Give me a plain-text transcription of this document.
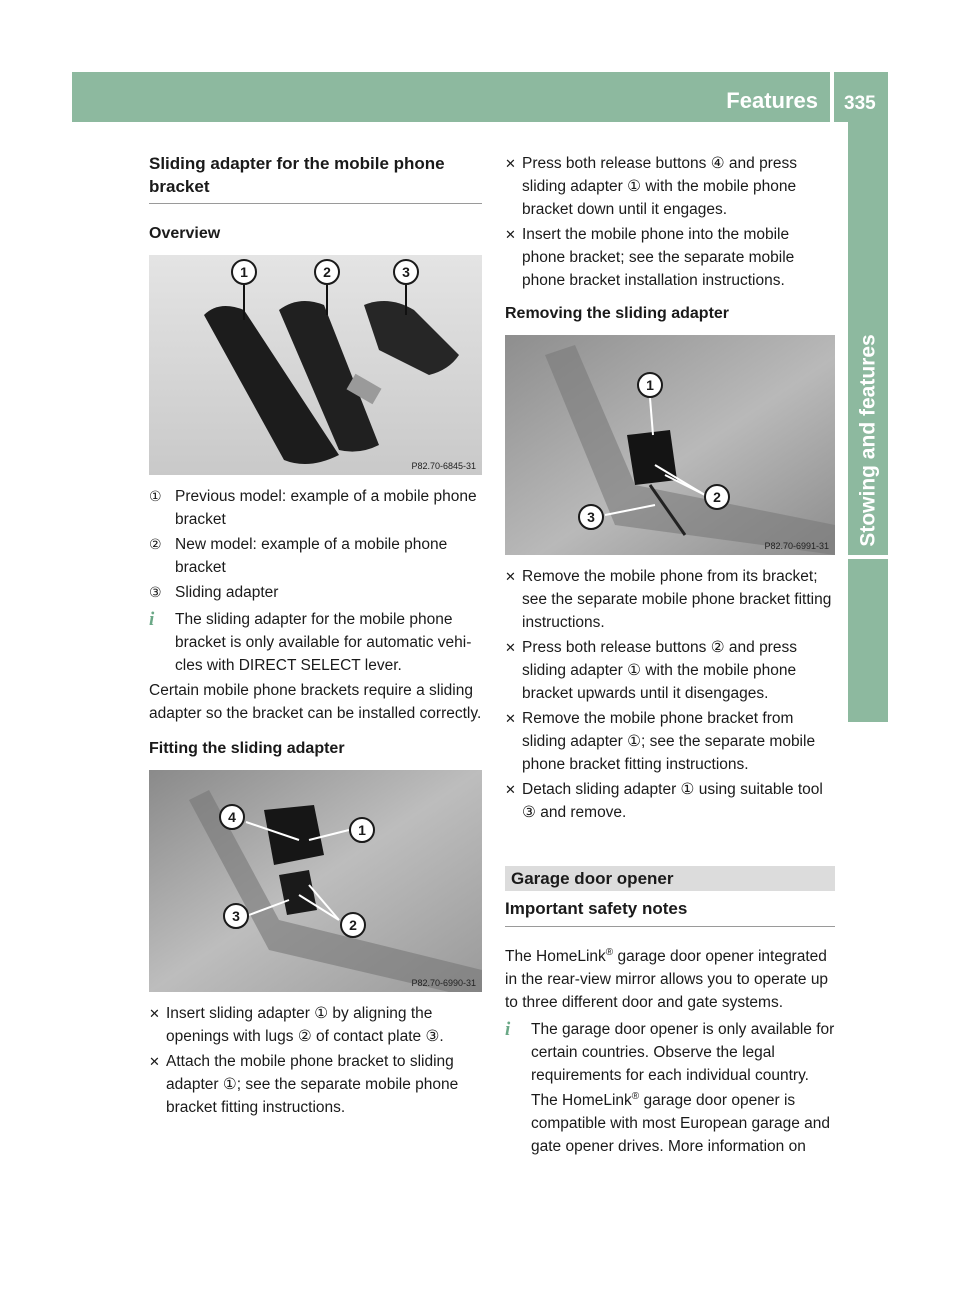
Features 335
Stowing and features
Sliding adapter for the mobile phone bracket
Overview
1	2	3
P82.70-6845-31
① Previous model: example of a mobile phone bracket
② New model: example of a mobile phone bracket
③ Sliding adapter
i	The sliding adapter for the mobile phone bracket is only available for automatic vehicles with DIRECT SELECT lever.
Certain mobile phone brackets require a sliding adapter so the bracket can be installed correctly.
Fitting the sliding adapter
4
1
3
2
P82.70-6990-31
✕ Insert sliding adapter ① by aligning the openings with lugs ② of contact plate ③.
✕ Attach the mobile phone bracket to sliding adapter ①; see the separate mobile phone bracket fitting instructions.
✕ Press both release buttons ④ and press sliding adapter ① with the mobile phone bracket down until it engages.
✕ Insert the mobile phone into the mobile phone bracket; see the separate mobile phone bracket installation instructions.
Removing the sliding adapter
1
2
3
P82.70-6991-31
✕ Remove the mobile phone from its bracket; see the separate mobile phone bracket fitting instructions.
✕ Press both release buttons ② and press sliding adapter ① with the mobile phone bracket upwards until it disengages.
✕ Remove the mobile phone bracket from sliding adapter ①; see the separate mobile phone bracket fitting instructions.
✕ Detach sliding adapter ① using suitable tool ③ and remove.
Garage door opener
Important safety notes
The HomeLink® garage door opener integrated in the rear-view mirror allows you to operate up to three different door and gate systems.
i	The garage door opener is only available for certain countries. Observe the legal requirements for each individual country.
The HomeLink® garage door opener is compatible with most European garage and gate opener drives. More information on
